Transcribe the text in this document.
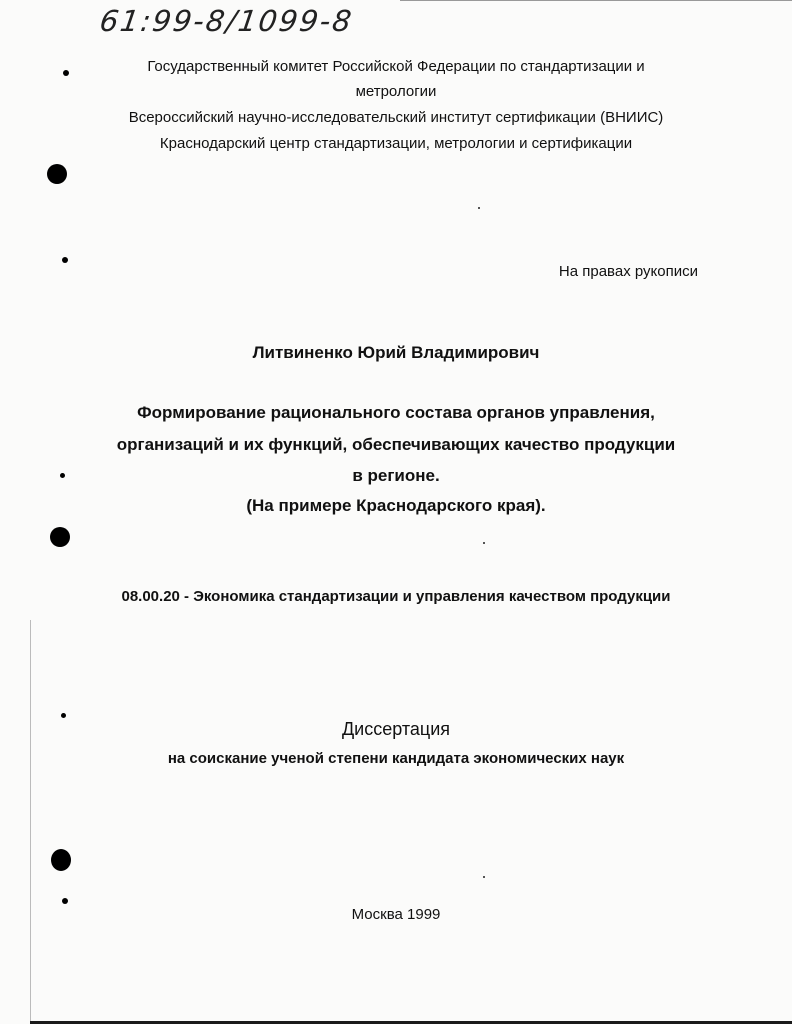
61:99-8/1099-8
Государственный комитет Российской Федерации по стандартизации и
метрологии
Всероссийский научно-исследовательский институт сертификации (ВНИИС)
Краснодарский центр стандартизации, метрологии и сертификации
На правах рукописи
Литвиненко Юрий Владимирович
Формирование рационального состава органов управления,
организаций и их функций, обеспечивающих качество продукции
в регионе.
(На примере Краснодарского края).
08.00.20 - Экономика стандартизации и управления качеством продукции
Диссертация
на соискание ученой степени кандидата экономических наук
Москва 1999
